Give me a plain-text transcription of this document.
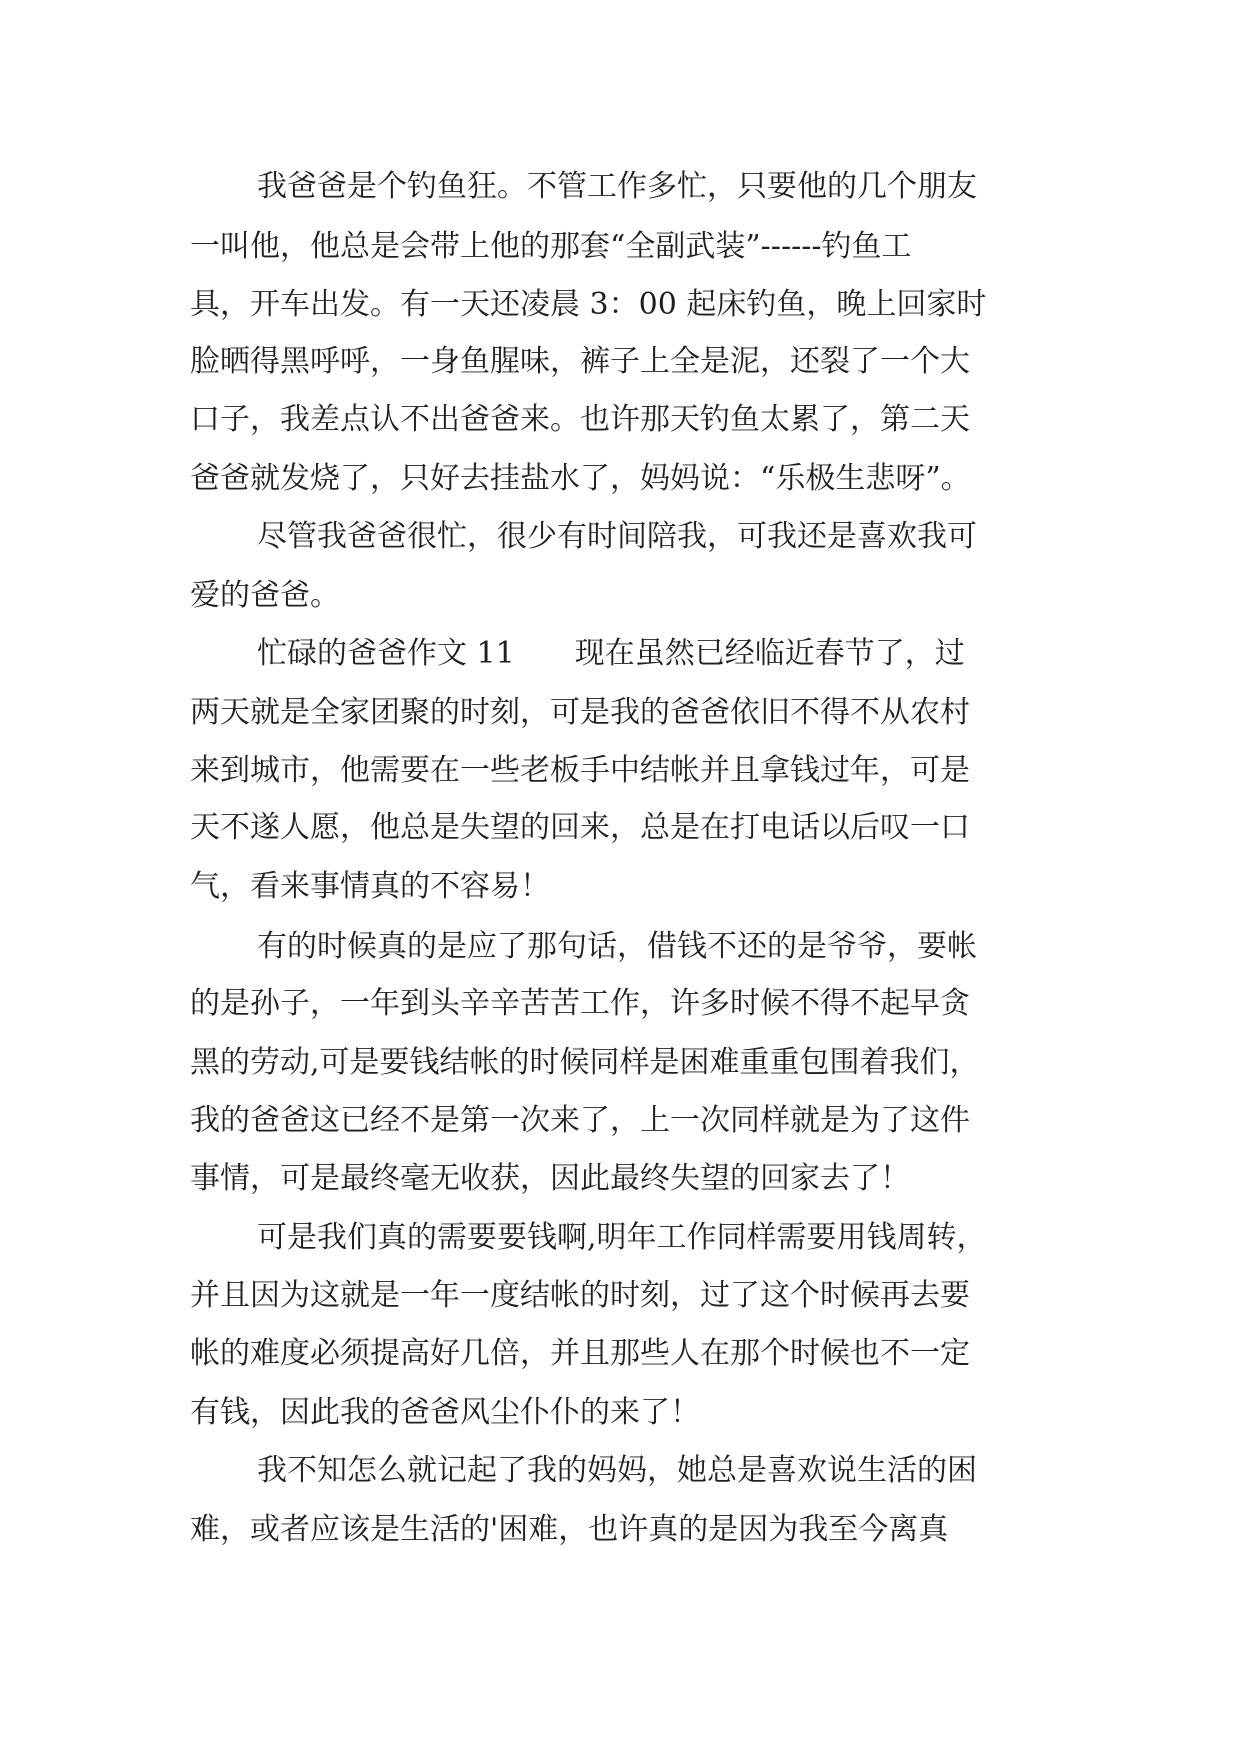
我爸爸是个钓鱼狂。不管工作多忙，只要他的几个朋友
一叫他，他总是会带上他的那套“全副武装”------钓鱼工
具，开车出发。有一天还凌晨 3：00 起床钓鱼，晚上回家时
脸晒得黑呼呼，一身鱼腥味，裤子上全是泥，还裂了一个大
口子，我差点认不出爸爸来。也许那天钓鱼太累了，第二天
爸爸就发烧了，只好去挂盐水了，妈妈说：“乐极生悲呀”。
尽管我爸爸很忙，很少有时间陪我，可我还是喜欢我可
爱的爸爸。
忙碌的爸爸作文 11　　现在虽然已经临近春节了，过
两天就是全家团聚的时刻，可是我的爸爸依旧不得不从农村
来到城市，他需要在一些老板手中结帐并且拿钱过年，可是
天不遂人愿，他总是失望的回来，总是在打电话以后叹一口
气，看来事情真的不容易！
有的时候真的是应了那句话，借钱不还的是爷爷，要帐
的是孙子，一年到头辛辛苦苦工作，许多时候不得不起早贪
黑的劳动,可是要钱结帐的时候同样是困难重重包围着我们，
我的爸爸这已经不是第一次来了，上一次同样就是为了这件
事情，可是最终毫无收获，因此最终失望的回家去了！
可是我们真的需要要钱啊,明年工作同样需要用钱周转，
并且因为这就是一年一度结帐的时刻，过了这个时候再去要
帐的难度必须提高好几倍，并且那些人在那个时候也不一定
有钱，因此我的爸爸风尘仆仆的来了！
我不知怎么就记起了我的妈妈，她总是喜欢说生活的困
难，或者应该是生活的'困难，也许真的是因为我至今离真
